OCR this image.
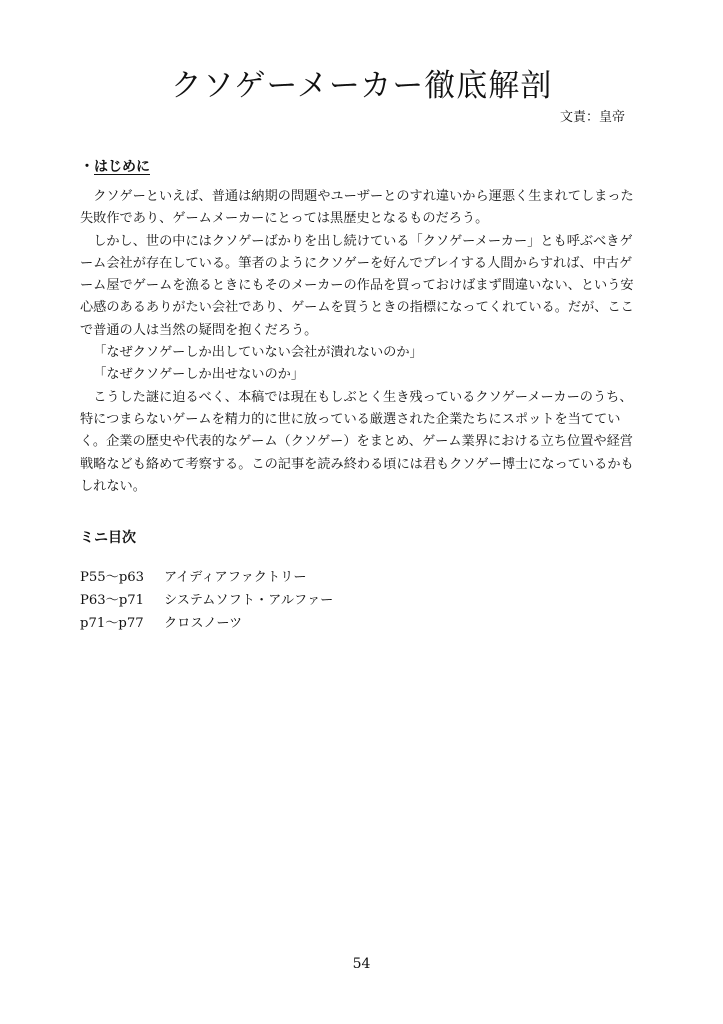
クソゲーメーカー徹底解剖
文責：皇帝
・はじめに

クソゲーといえば、普通は納期の問題やユーザーとのすれ違いから運悪く生まれてしまった失敗作であり、ゲームメーカーにとっては黒歴史となるものだろう。

しかし、世の中にはクソゲーばかりを出し続けている「クソゲーメーカー」とも呼ぶべきゲーム会社が存在している。筆者のようにクソゲーを好んでプレイする人間からすれば、中古ゲーム屋でゲームを漁るときにもそのメーカーの作品を買っておけばまず間違いない、という安心感のあるありがたい会社であり、ゲームを買うときの指標になってくれている。だが、ここで普通の人は当然の疑問を抱くだろう。

「なぜクソゲーしか出していない会社が潰れないのか」

「なぜクソゲーしか出せないのか」

こうした謎に迫るべく、本稿では現在もしぶとく生き残っているクソゲーメーカーのうち、特につまらないゲームを精力的に世に放っている厳選された企業たちにスポットを当てていく。企業の歴史や代表的なゲーム（クソゲー）をまとめ、ゲーム業界における立ち位置や経営戦略なども絡めて考察する。この記事を読み終わる頃には君もクソゲー博士になっているかもしれない。

ミニ目次
P55～p63	アイディアファクトリー
P63～p71	システムソフト・アルファー
p71～p77	クロスノーツ
54
